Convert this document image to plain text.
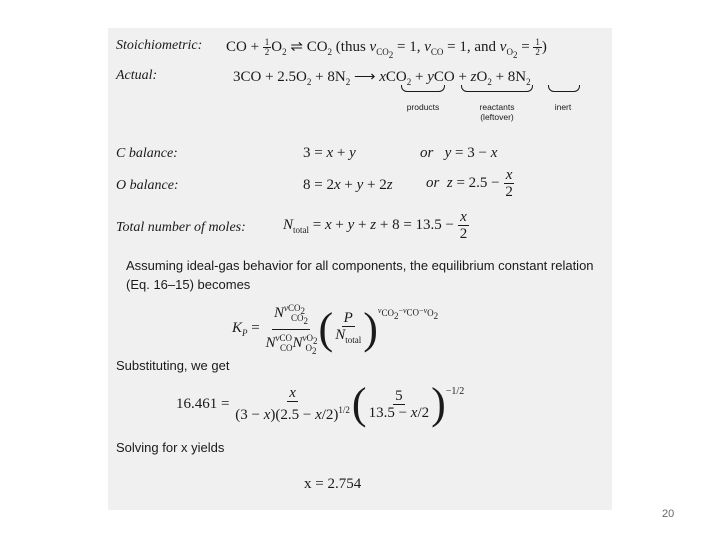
Stoichiometric: CO + $\frac{1}{2} O_2$ ⇌ $CO_2$ (thus $\nu_{CO_2} = 1$, $\nu_{CO} = 1$, and $\nu_{O_2} = \frac{1}{2}$ )
Actual:	$3CO + 2.5O_2 + 8N_2$ ⟶ xCO$_2$ + yCO + $zO_2 + 8N_2$
products	reactants
(leftover)
inert
C balance:	3 = x + y	or y = 3 − x
O balance:	8 = 2x + y + 2z or $z = 2.5 - \frac{x}{2}$
Total number of moles: $N_{total} = x + y + z + 8 = 13.5 - \frac{x}{2}$
Assuming ideal-gas behavior for all components, the equilibrium constant relation (Eq. 16–15) becomes
$K_P = \frac{N^{\nu CO_2}_{CO_2}}{N^{\nu CO}_{CO}N^{\nu O_2}_{O_2}}$ ( $\frac{P}{N_{total}}$ ) $\nu_{CO_2}-\nu_{CO}-\nu_{O_2}$
Substituting, we get
$16.461 = \frac{x}{(3 - x)(2.5 - x/2)^{1/2}}$ ( $\frac{5}{13.5 - x/2}$ ) −1/2
Solving for x yields
x = 2.754
20
